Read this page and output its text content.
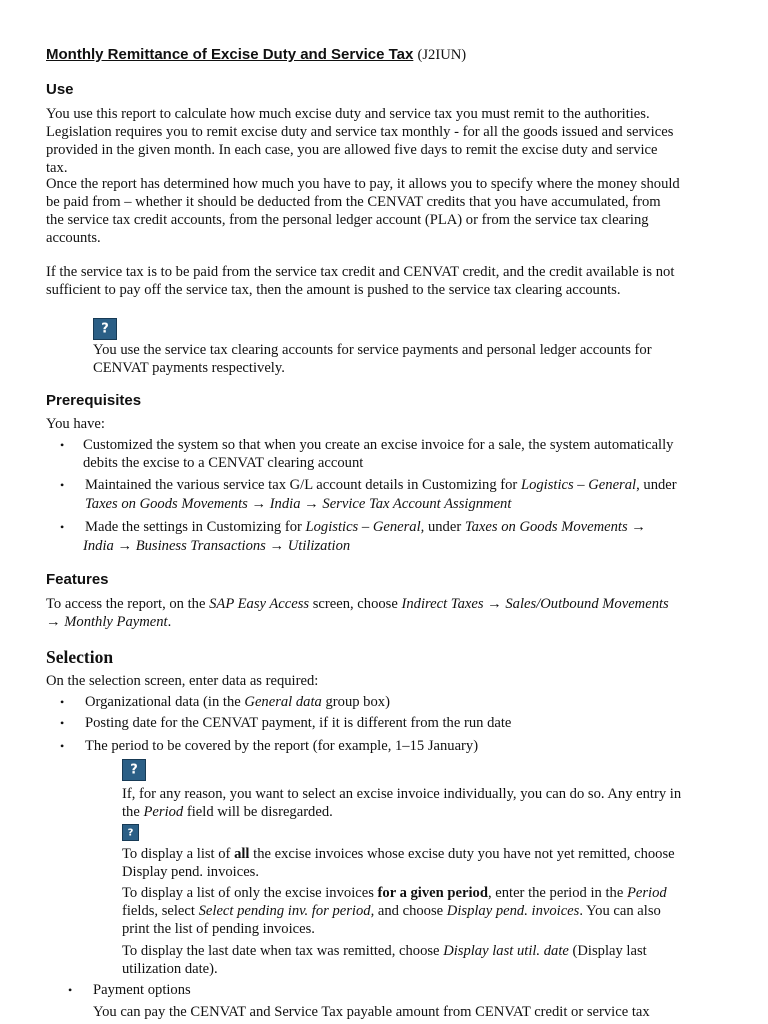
Monthly Remittance of Excise Duty and Service Tax (J2IUN)
Use
You use this report to calculate how much excise duty and service tax you must remit to the authorities.
Legislation requires you to remit excise duty and service tax monthly - for all the goods issued and services
provided in the given month. In each case, you are allowed five days to remit the excise duty and service
tax.
Once the report has determined how much you have to pay, it allows you to specify where the money should
be paid from – whether it should be deducted from the CENVAT credits that you have accumulated, from
the service tax credit accounts, from the personal ledger account (PLA) or from the service tax clearing
accounts.
If the service tax is to be paid from the service tax credit and CENVAT credit, and the credit available is not
sufficient to pay off the service tax, then the amount is pushed to the service tax clearing accounts.
?
You use the service tax clearing accounts for service payments and personal ledger accounts for
CENVAT payments respectively.
Prerequisites
You have:
• Customized the system so that when you create an excise invoice for a sale, the system automatically
debits the excise to a CENVAT clearing account
• Maintained the various service tax G/L account details in Customizing for Logistics – General, under
Taxes on Goods Movements → India → Service Tax Account Assignment
• Made the settings in Customizing for Logistics – General, under Taxes on Goods Movements →
India → Business Transactions → Utilization
Features
To access the report, on the SAP Easy Access screen, choose Indirect Taxes → Sales/Outbound Movements
→ Monthly Payment.
Selection
On the selection screen, enter data as required:
• Organizational data (in the General data group box)
• Posting date for the CENVAT payment, if it is different from the run date
• The period to be covered by the report (for example, 1–15 January)
?
If, for any reason, you want to select an excise invoice individually, you can do so. Any entry in
the Period field will be disregarded.
?
To display a list of all the excise invoices whose excise duty you have not yet remitted, choose
Display pend. invoices.
To display a list of only the excise invoices for a given period, enter the period in the Period
fields, select Select pending inv. for period, and choose Display pend. invoices. You can also
print the list of pending invoices.
To display the last date when tax was remitted, choose Display last util. date (Display last
utilization date).
• Payment options
You can pay the CENVAT and Service Tax payable amount from CENVAT credit or service tax
